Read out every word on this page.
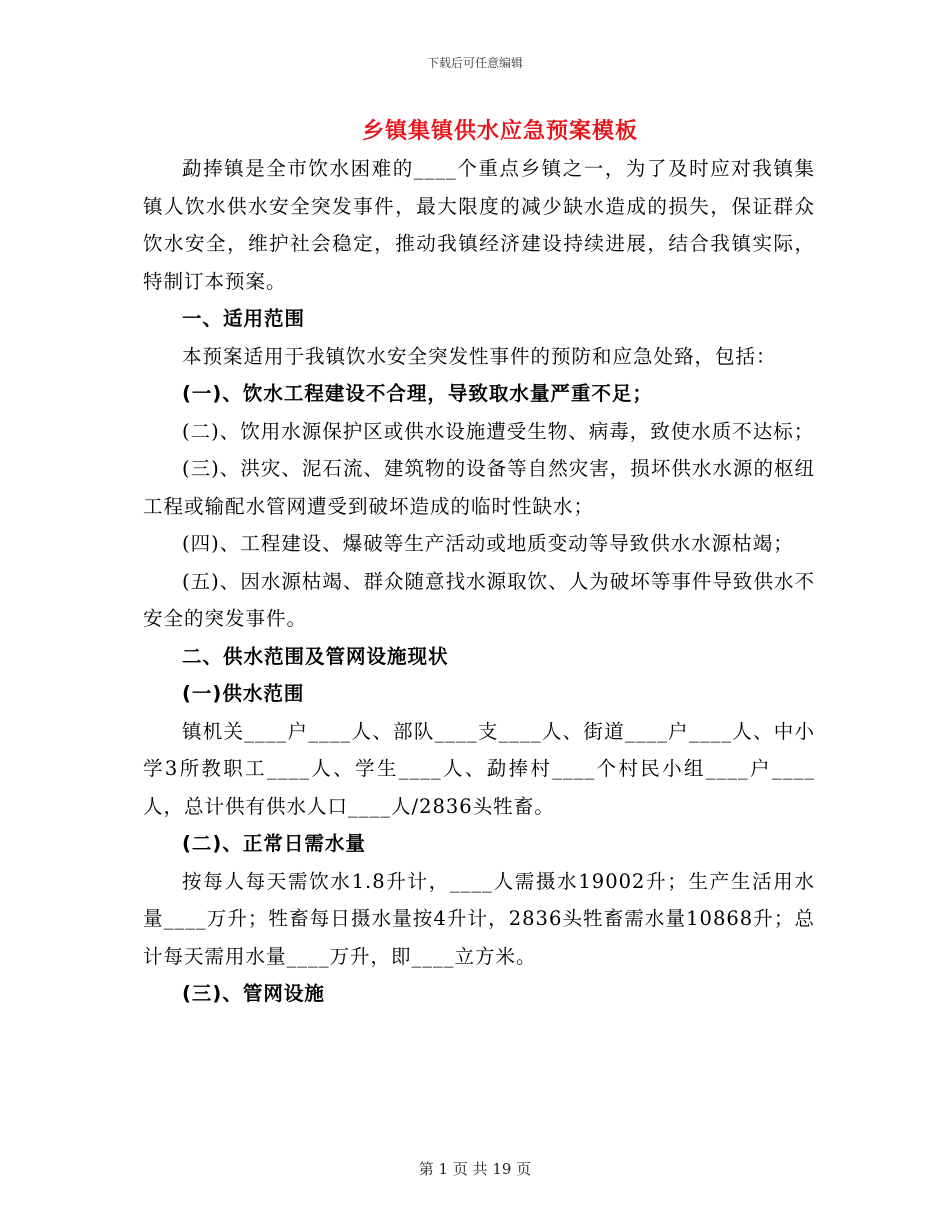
下载后可任意编辑
乡镇集镇供水应急预案模板

勐捧镇是全市饮水困难的____个重点乡镇之一，为了及时应对我镇集镇人饮水供水安全突发事件，最大限度的减少缺水造成的损失，保证群众饮水安全，维护社会稳定，推动我镇经济建设持续进展，结合我镇实际，特制订本预案。

一、适用范围

本预案适用于我镇饮水安全突发性事件的预防和应急处臵，包括：

(一)、饮水工程建设不合理，导致取水量严重不足；

(二)、饮用水源保护区或供水设施遭受生物、病毒，致使水质不达标；

(三)、洪灾、泥石流、建筑物的设备等自然灾害，损坏供水水源的枢纽工程或输配水管网遭受到破坏造成的临时性缺水；

(四)、工程建设、爆破等生产活动或地质变动等导致供水水源枯竭；

(五)、因水源枯竭、群众随意找水源取饮、人为破坏等事件导致供水不安全的突发事件。

二、供水范围及管网设施现状

(一)供水范围

镇机关____户____人、部队____支____人、街道____户____人、中小学3所教职工____人、学生____人、勐捧村____个村民小组____户____人，总计供有供水人口____人/2836头牲畜。

(二)、正常日需水量

按每人每天需饮水1.8升计，____人需摄水19002升；生产生活用水量____万升；牲畜每日摄水量按4升计，2836头牲畜需水量10868升；总计每天需用水量____万升，即____立方米。

(三)、管网设施

第 1 页 共 19 页
